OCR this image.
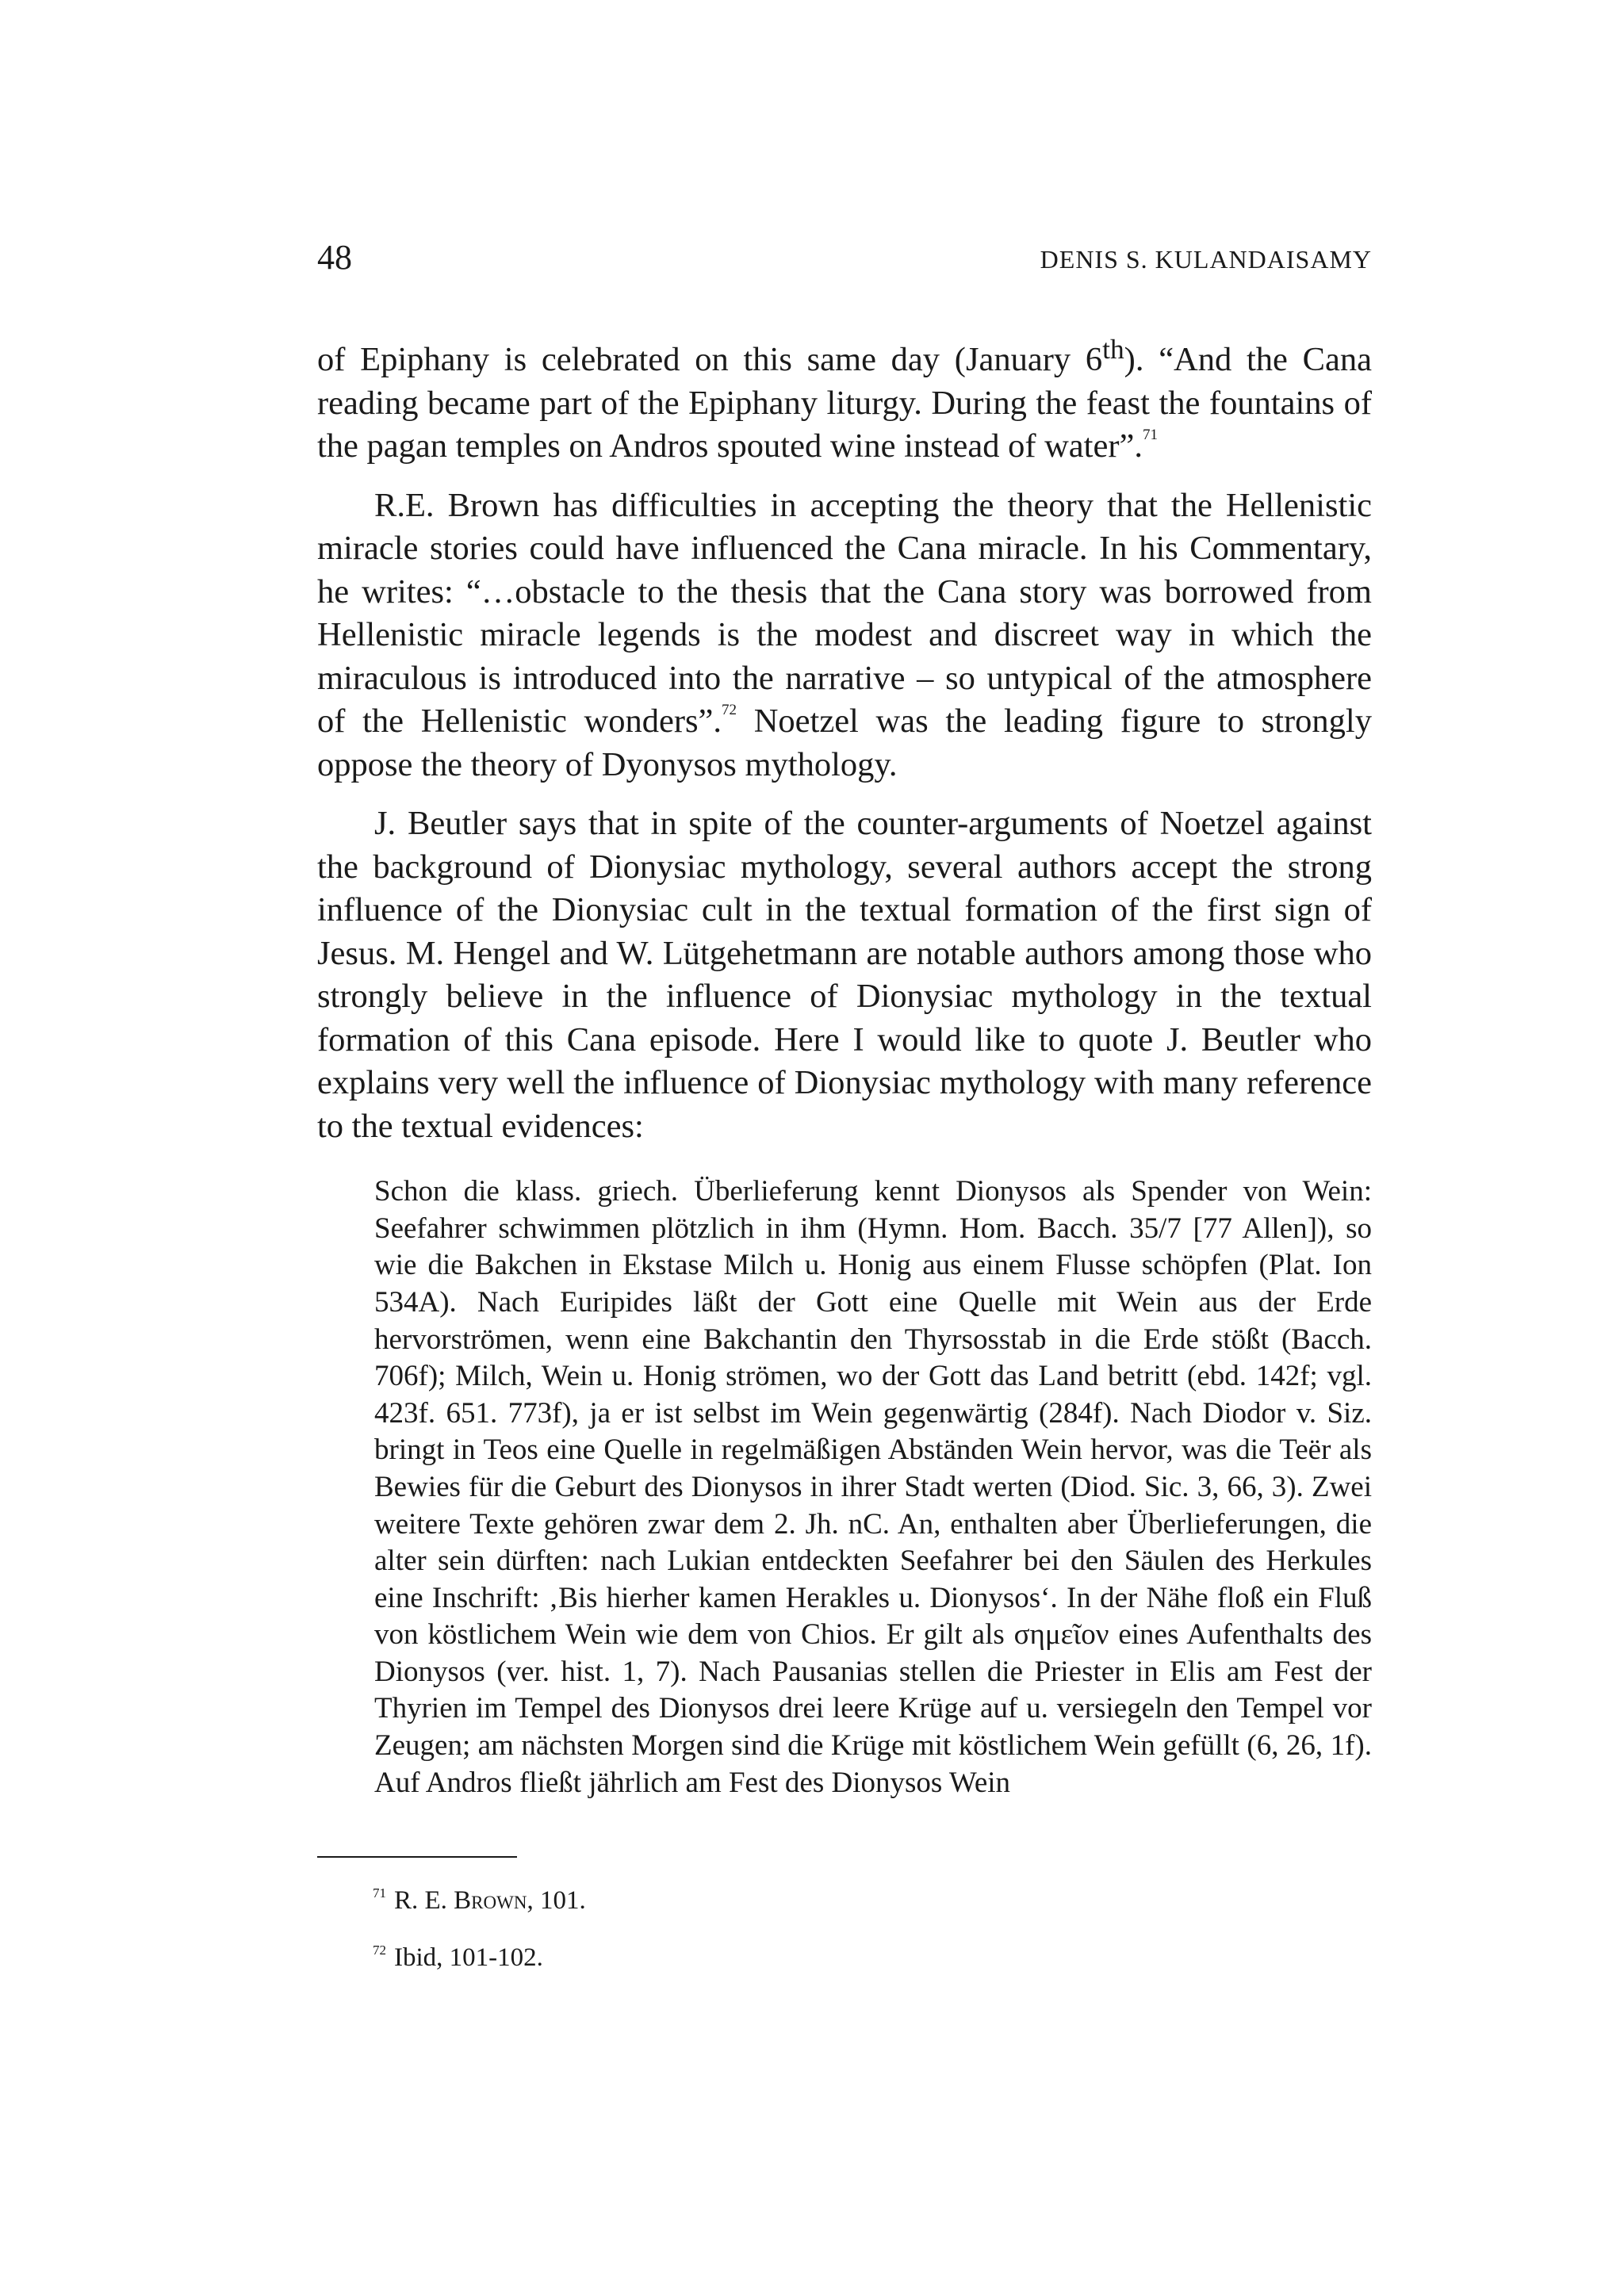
48	DENIS S. KULANDAISAMY

of Epiphany is celebrated on this same day (January 6th). “And the Cana reading became part of the Epiphany liturgy. During the feast the fountains of the pagan temples on Andros spouted wine instead of water”.$^{71}$

R.E. Brown has difficulties in accepting the theory that the Hellenistic miracle stories could have influenced the Cana miracle. In his Commentary, he writes: “…obstacle to the thesis that the Cana story was borrowed from Hellenistic miracle legends is the modest and discreet way in which the miraculous is introduced into the narrative – so untypical of the atmosphere of the Hellenistic wonders”.$^{72}$ Noetzel was the leading figure to strongly oppose the theory of Dyonysos mythology.

J. Beutler says that in spite of the counter-arguments of Noetzel against the background of Dionysiac mythology, several authors accept the strong influence of the Dionysiac cult in the textual formation of the first sign of Jesus. M. Hengel and W. Lütgehetmann are notable authors among those who strongly believe in the influence of Dionysiac mythology in the textual formation of this Cana episode. Here I would like to quote J. Beutler who explains very well the influence of Dionysiac mythology with many reference to the textual evidences:

Schon die klass. griech. Überlieferung kennt Dionysos als Spender von Wein: Seefahrer schwimmen plötzlich in ihm (Hymn. Hom. Bacch. 35/7 [77 Allen]), so wie die Bakchen in Ekstase Milch u. Honig aus einem Flusse schöpfen (Plat. Ion 534A). Nach Euripides läßt der Gott eine Quelle mit Wein aus der Erde hervorströmen, wenn eine Bakchantin den Thyrsosstab in die Erde stößt (Bacch. 706f); Milch, Wein u. Honig strömen, wo der Gott das Land betritt (ebd. 142f; vgl. 423f. 651. 773f), ja er ist selbst im Wein gegenwärtig (284f). Nach Diodor v. Siz. bringt in Teos eine Quelle in regelmäßigen Abständen Wein hervor, was die Teër als Bewies für die Geburt des Dionysos in ihrer Stadt werten (Diod. Sic. 3, 66, 3). Zwei weitere Texte gehören zwar dem 2. Jh. nC. An, enthalten aber Überlieferungen, die alter sein dürften: nach Lukian entdeckten Seefahrer bei den Säulen des Herkules eine Inschrift: ‚Bis hierher kamen Herakles u. Dionysos‘. In der Nähe floß ein Fluß von köstlichem Wein wie dem von Chios. Er gilt als σημεῖον eines Aufenthalts des Dionysos (ver. hist. 1, 7). Nach Pausanias stellen die Priester in Elis am Fest der Thyrien im Tempel des Dionysos drei leere Krüge auf u. versiegeln den Tempel vor Zeugen; am nächsten Morgen sind die Krüge mit köstlichem Wein gefüllt (6, 26, 1f). Auf Andros fließt jährlich am Fest des Dionysos Wein

$^{71}$ R. E. Brown, 101.

$^{72}$ Ibid, 101-102.
